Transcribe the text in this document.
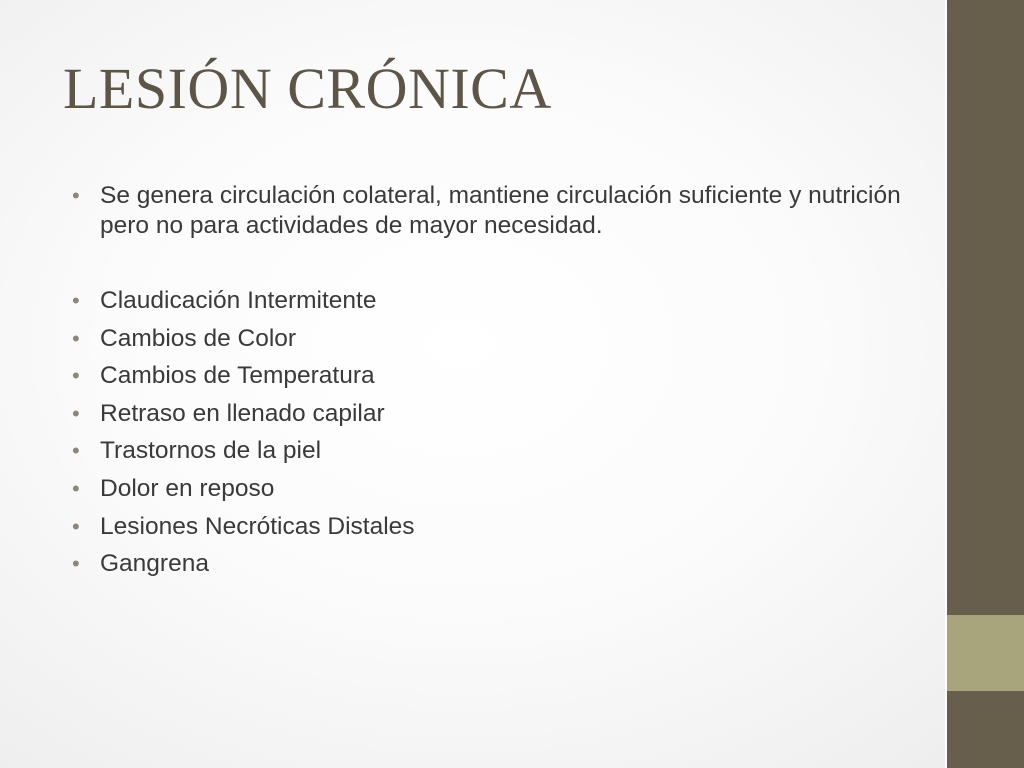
LESIÓN CRÓNICA
• Se genera circulación colateral, mantiene circulación suficiente y nutrición pero no para actividades de mayor necesidad.
• Claudicación Intermitente
• Cambios de Color
• Cambios de Temperatura
• Retraso en llenado capilar
• Trastornos de la piel
• Dolor en reposo
• Lesiones Necróticas Distales
• Gangrena
